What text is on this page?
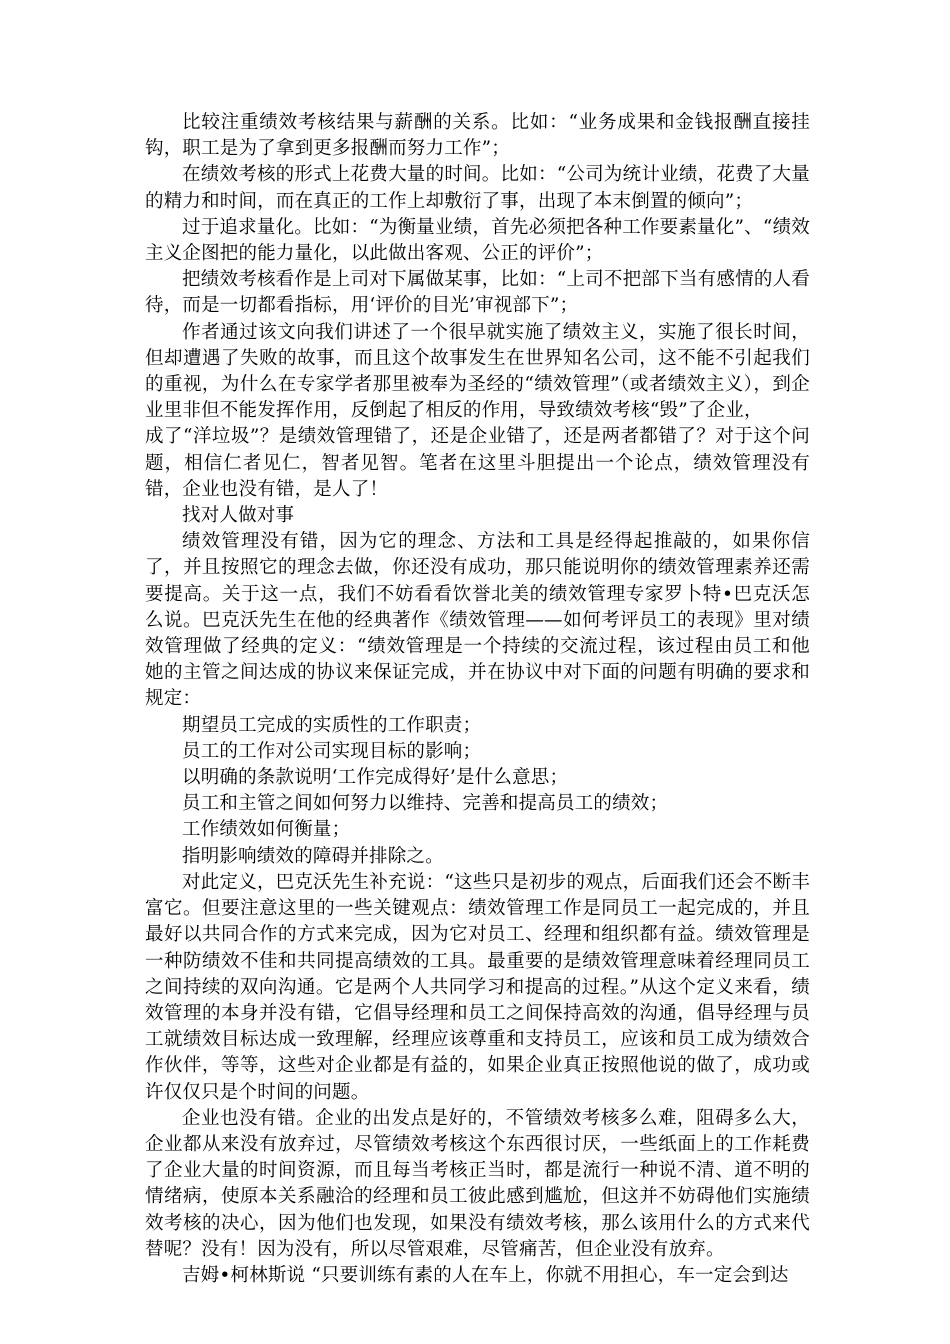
比较注重绩效考核结果与薪酬的关系。比如：“业务成果和金钱报酬直接挂钩，职工是为了拿到更多报酬而努力工作”；

在绩效考核的形式上花费大量的时间。比如：“公司为统计业绩，花费了大量的精力和时间，而在真正的工作上却敷衍了事，出现了本末倒置的倾向”；

过于追求量化。比如：“为衡量业绩，首先必须把各种工作要素量化”、“绩效主义企图把的能力量化，以此做出客观、公正的评价”；

把绩效考核看作是上司对下属做某事，比如：“上司不把部下当有感情的人看待，而是一切都看指标，用‘评价的目光’审视部下”；

作者通过该文向我们讲述了一个很早就实施了绩效主义，实施了很长时间，但却遭遇了失败的故事，而且这个故事发生在世界知名公司，这不能不引起我们的重视，为什么在专家学者那里被奉为圣经的“绩效管理”（或者绩效主义），到企业里非但不能发挥作用，反倒起了相反的作用，导致绩效考核“毁”了企业，

成了“洋垃圾”？是绩效管理错了，还是企业错了，还是两者都错了？对于这个问题，相信仁者见仁，智者见智。笔者在这里斗胆提出一个论点，绩效管理没有错，企业也没有错，是人了！

找对人做对事

绩效管理没有错，因为它的理念、方法和工具是经得起推敲的，如果你信了，并且按照它的理念去做，你还没有成功，那只能说明你的绩效管理素养还需要提高。关于这一点，我们不妨看看饮誉北美的绩效管理专家罗卜特•巴克沃怎么说。巴克沃先生在他的经典著作《绩效管理——如何考评员工的表现》里对绩效管理做了经典的定义：“绩效管理是一个持续的交流过程，该过程由员工和他 她的主管之间达成的协议来保证完成，并在协议中对下面的问题有明确的要求和规定：

期望员工完成的实质性的工作职责；

员工的工作对公司实现目标的影响；

以明确的条款说明‘工作完成得好’是什么意思；

员工和主管之间如何努力以维持、完善和提高员工的绩效；

工作绩效如何衡量；

指明影响绩效的障碍并排除之。

对此定义，巴克沃先生补充说：“这些只是初步的观点，后面我们还会不断丰富它。但要注意这里的一些关键观点：绩效管理工作是同员工一起完成的，并且最好以共同合作的方式来完成，因为它对员工、经理和组织都有益。绩效管理是一种防绩效不佳和共同提高绩效的工具。最重要的是绩效管理意味着经理同员工之间持续的双向沟通。它是两个人共同学习和提高的过程。”从这个定义来看，绩效管理的本身并没有错，它倡导经理和员工之间保持高效的沟通，倡导经理与员工就绩效目标达成一致理解，经理应该尊重和支持员工，应该和员工成为绩效合作伙伴，等等，这些对企业都是有益的，如果企业真正按照他说的做了，成功或许仅仅只是个时间的问题。

企业也没有错。企业的出发点是好的，不管绩效考核多么难，阻碍多么大，企业都从来没有放弃过，尽管绩效考核这个东西很讨厌，一些纸面上的工作耗费了企业大量的时间资源，而且每当考核正当时，都是流行一种说不清、道不明的情绪病，使原本关系融洽的经理和员工彼此感到尴尬，但这并不妨碍他们实施绩效考核的决心，因为他们也发现，如果没有绩效考核，那么该用什么的方式来代替呢？没有！因为没有，所以尽管艰难，尽管痛苦，但企业没有放弃。

吉姆•柯林斯说 “只要训练有素的人在车上，你就不用担心，车一定会到达
